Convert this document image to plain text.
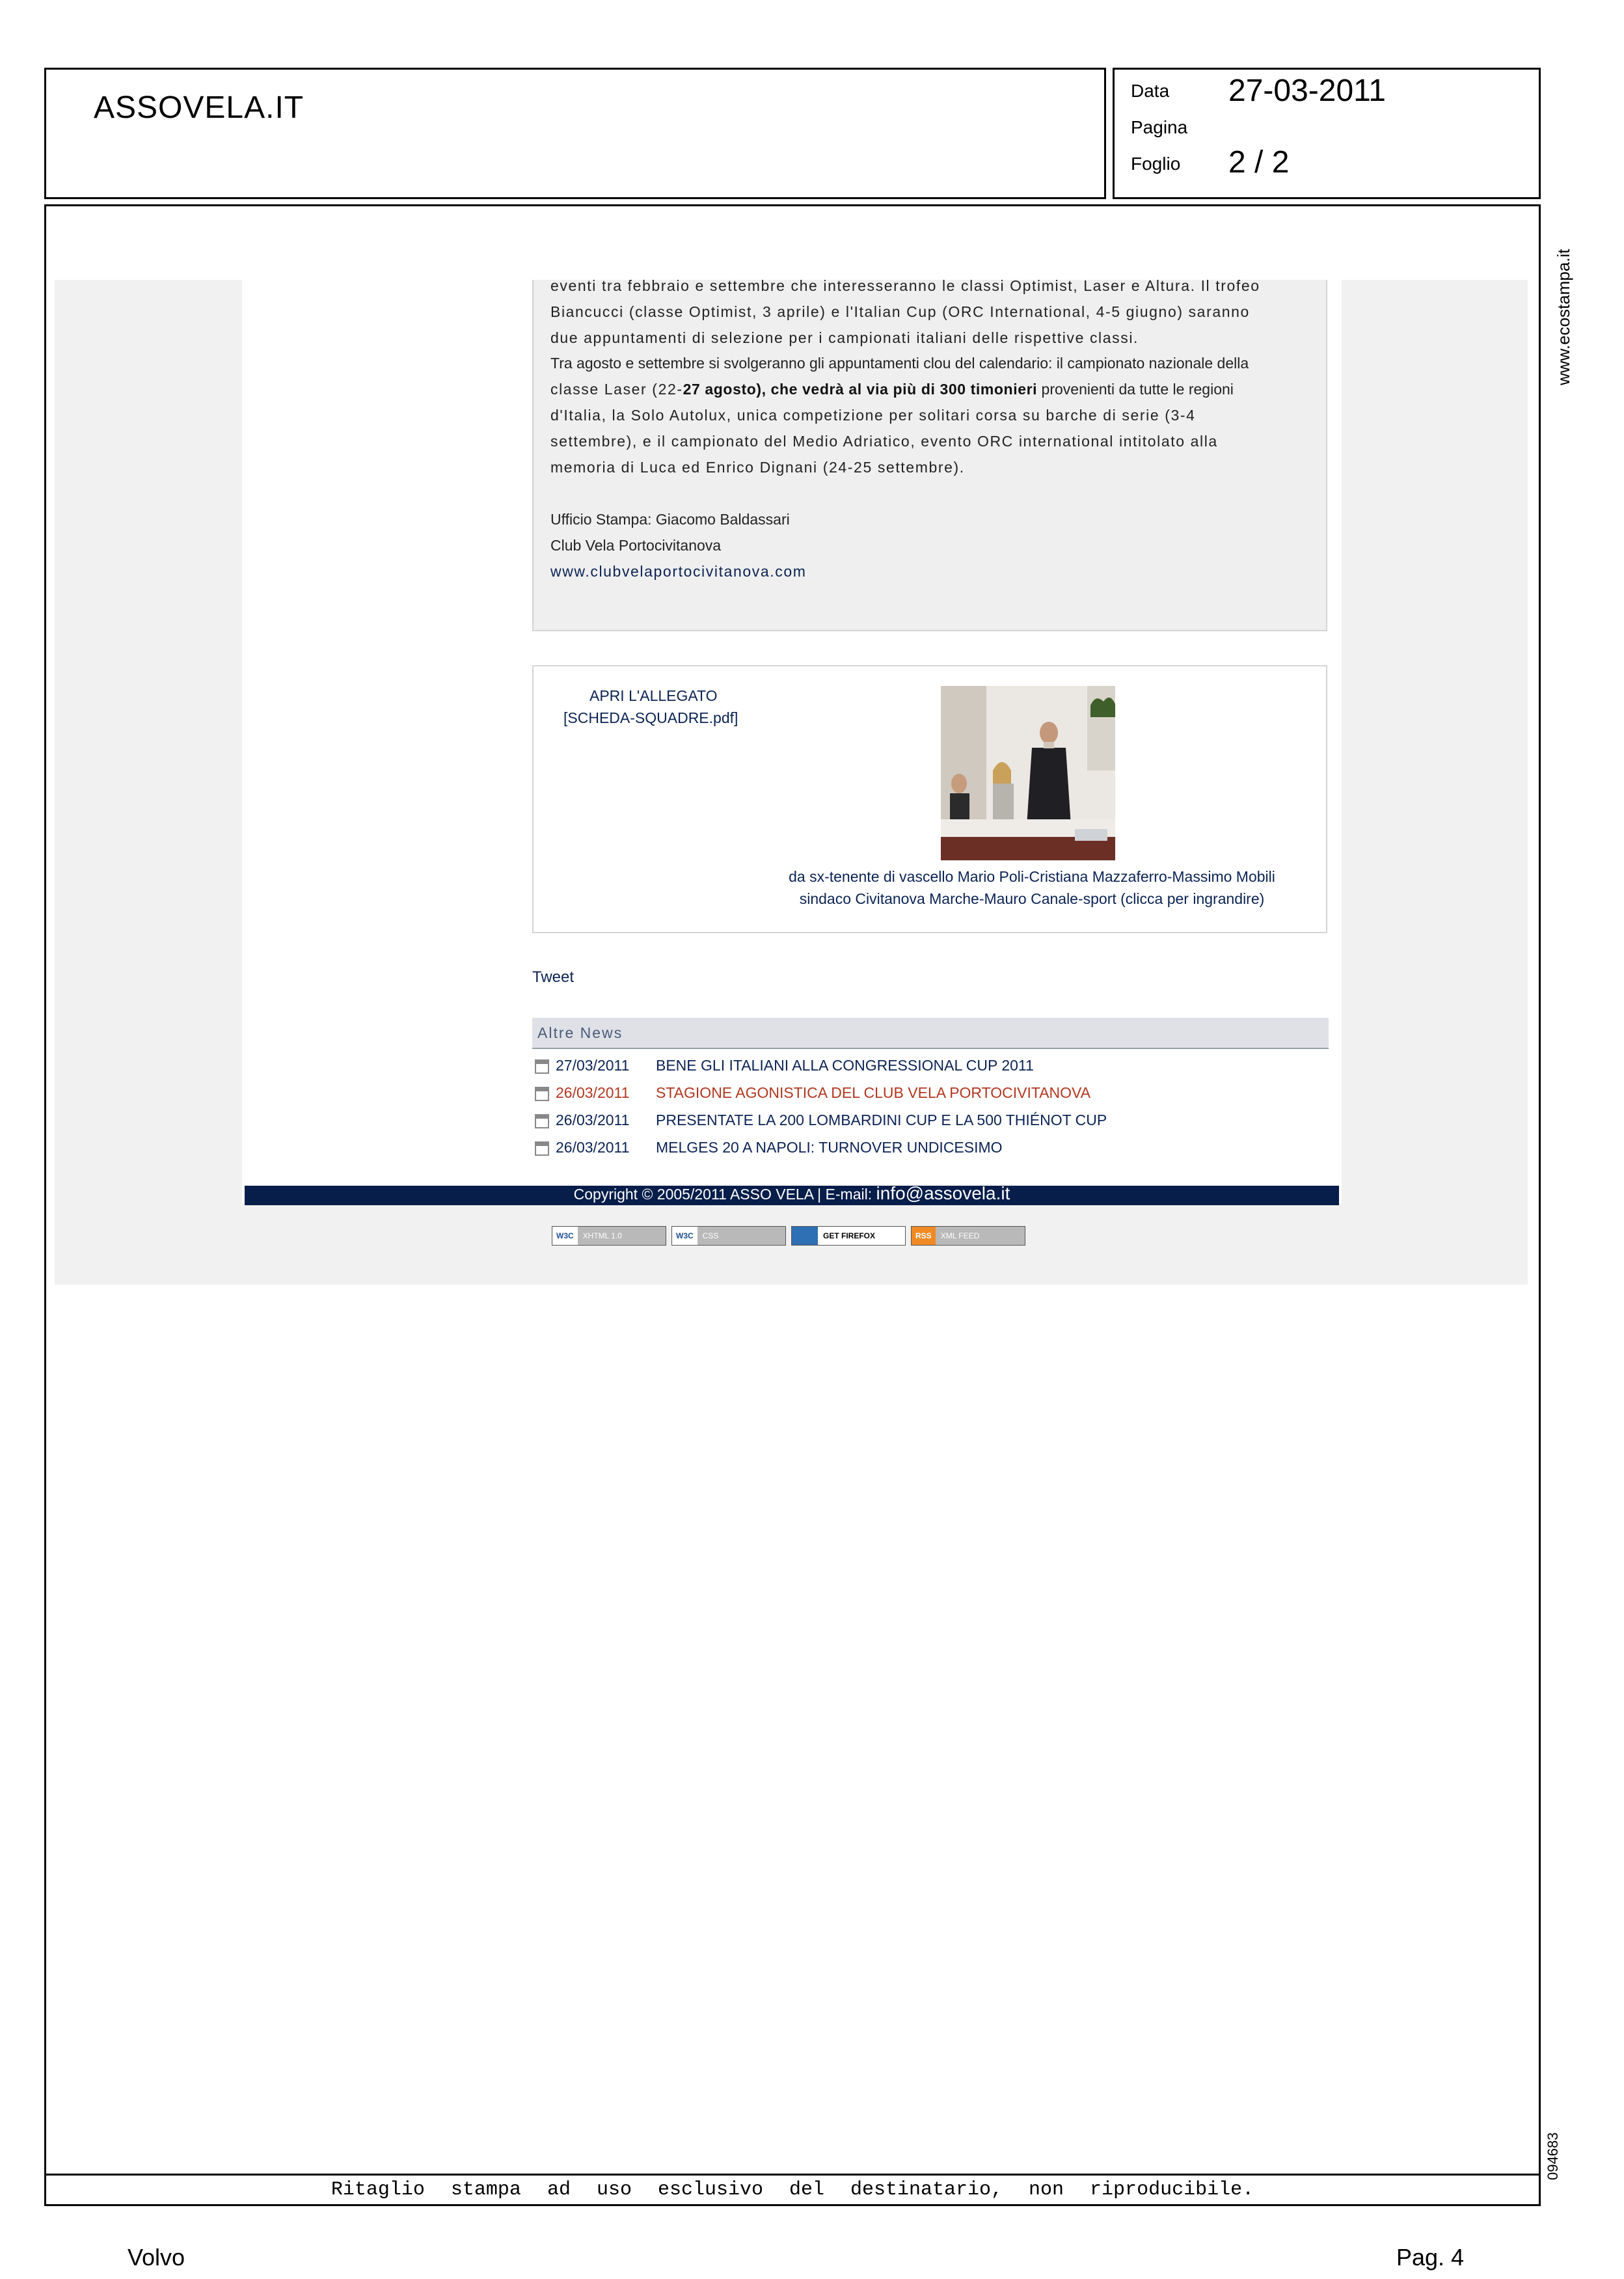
ASSOVELA.IT	Data 27-03-2011
Pagina
Foglio 2 / 2
www.ecostampa.it
094683
eventi tra febbraio e settembre che interesseranno le classi Optimist, Laser e Altura. Il trofeo
Biancucci (classe Optimist, 3 aprile) e l'Italian Cup (ORC International, 4-5 giugno) saranno
due appuntamenti di selezione per i campionati italiani delle rispettive classi.
Tra agosto e settembre si svolgeranno gli appuntamenti clou del calendario: il campionato nazionale della
classe Laser (22-27 agosto), che vedrà al via più di 300 timonieri provenienti da tutte le regioni
d'Italia, la Solo Autolux, unica competizione per solitari corsa su barche di serie (3-4
settembre), e il campionato del Medio Adriatico, evento ORC international intitolato alla
memoria di Luca ed Enrico Dignani (24-25 settembre).
Ufficio Stampa: Giacomo Baldassari
Club Vela Portocivitanova
www.clubvelaportocivitanova.com
APRI L'ALLEGATO
[SCHEDA-SQUADRE.pdf]
da sx-tenente di vascello Mario Poli-Cristiana Mazzaferro-Massimo Mobili
sindaco Civitanova Marche-Mauro Canale-sport (clicca per ingrandire)
Tweet
Altre News
27/03/2011 BENE GLI ITALIANI ALLA CONGRESSIONAL CUP 2011
26/03/2011 STAGIONE AGONISTICA DEL CLUB VELA PORTOCIVITANOVA
26/03/2011 PRESENTATE LA 200 LOMBARDINI CUP E LA 500 THIÉNOT CUP
26/03/2011 MELGES 20 A NAPOLI: TURNOVER UNDICESIMO
Copyright © 2005/2011 ASSO VELA | E-mail: info@assovela.it
W3C XHTML 1.0	W3C CSS	GET FIREFOX	RSS XML FEED
Ritaglio stampa ad uso esclusivo del destinatario, non riproducibile.
Volvo	Pag. 4
